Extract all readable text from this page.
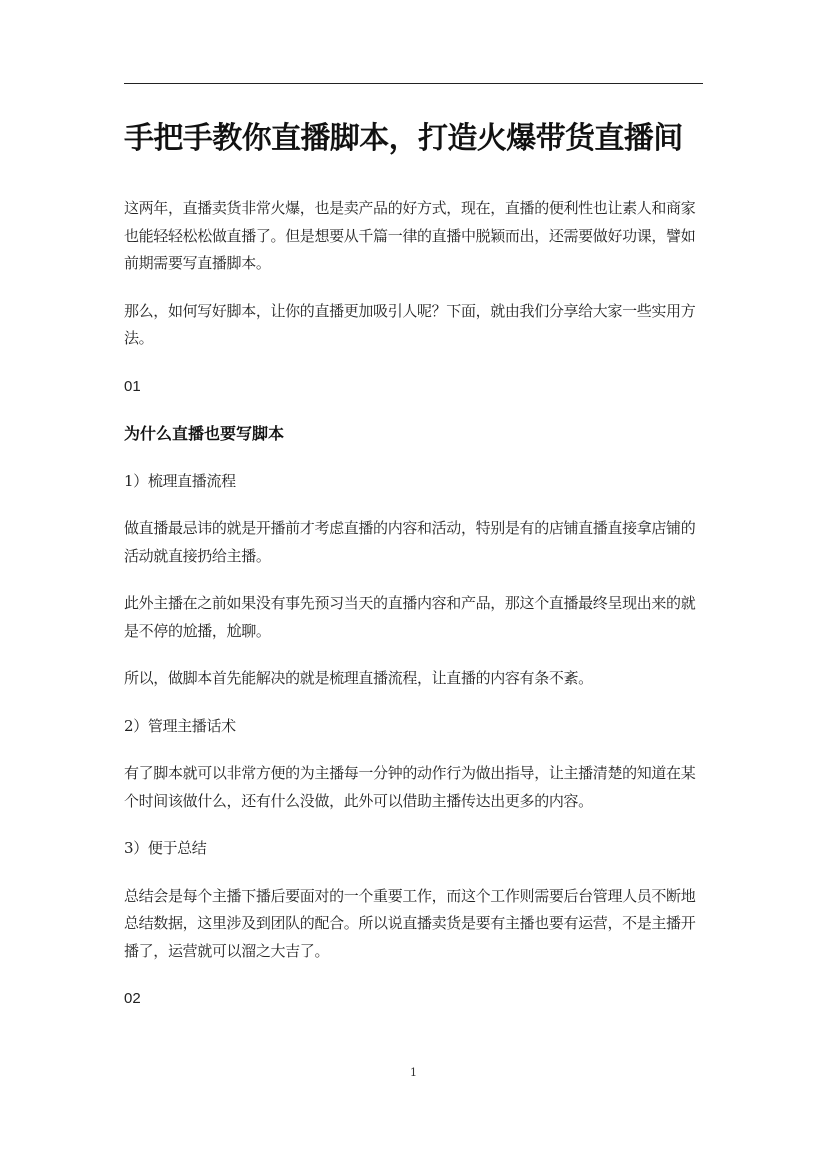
手把手教你直播脚本，打造火爆带货直播间

这两年，直播卖货非常火爆，也是卖产品的好方式，现在，直播的便利性也让素人和商家也能轻轻松松做直播了。但是想要从千篇一律的直播中脱颖而出，还需要做好功课，譬如前期需要写直播脚本。

那么，如何写好脚本，让你的直播更加吸引人呢？下面，就由我们分享给大家一些实用方法。

01

为什么直播也要写脚本

1）梳理直播流程

做直播最忌讳的就是开播前才考虑直播的内容和活动，特别是有的店铺直播直接拿店铺的活动就直接扔给主播。

此外主播在之前如果没有事先预习当天的直播内容和产品，那这个直播最终呈现出来的就是不停的尬播，尬聊。

所以，做脚本首先能解决的就是梳理直播流程，让直播的内容有条不紊。

2）管理主播话术

有了脚本就可以非常方便的为主播每一分钟的动作行为做出指导，让主播清楚的知道在某个时间该做什么，还有什么没做，此外可以借助主播传达出更多的内容。

3）便于总结

总结会是每个主播下播后要面对的一个重要工作，而这个工作则需要后台管理人员不断地总结数据，这里涉及到团队的配合。所以说直播卖货是要有主播也要有运营，不是主播开播了，运营就可以溜之大吉了。

02

1
